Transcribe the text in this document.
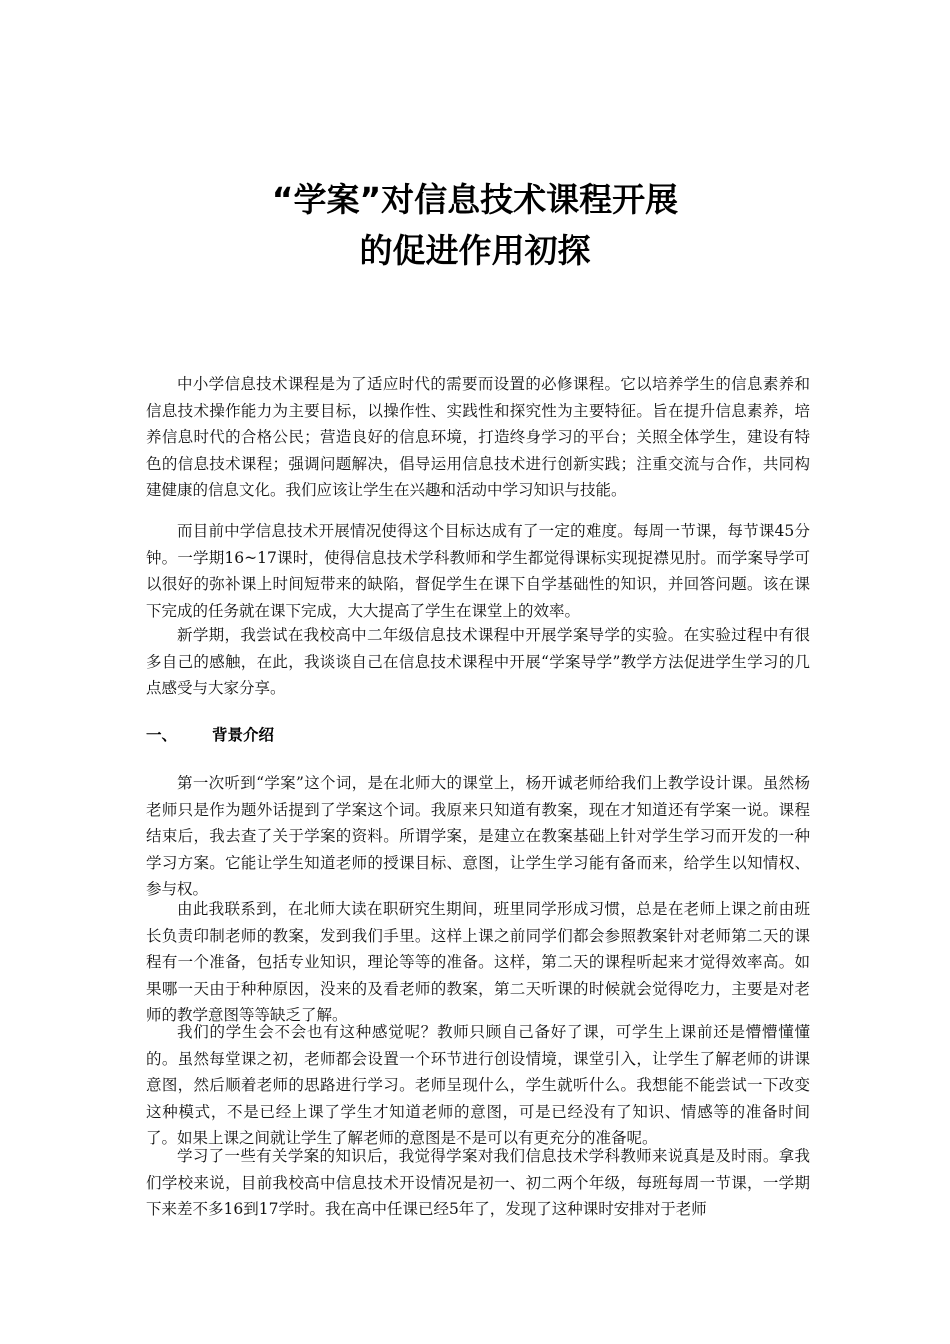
“学案”对信息技术课程开展
的促进作用初探

中小学信息技术课程是为了适应时代的需要而设置的必修课程。它以培养学生的信息素养和信息技术操作能力为主要目标，以操作性、实践性和探究性为主要特征。旨在提升信息素养，培养信息时代的合格公民；营造良好的信息环境，打造终身学习的平台；关照全体学生，建设有特色的信息技术课程；强调问题解决，倡导运用信息技术进行创新实践；注重交流与合作，共同构建健康的信息文化。我们应该让学生在兴趣和活动中学习知识与技能。

而目前中学信息技术开展情况使得这个目标达成有了一定的难度。每周一节课，每节课45分钟。一学期16~17课时，使得信息技术学科教师和学生都觉得课标实现捉襟见肘。而学案导学可以很好的弥补课上时间短带来的缺陷，督促学生在课下自学基础性的知识，并回答问题。该在课下完成的任务就在课下完成，大大提高了学生在课堂上的效率。

新学期，我尝试在我校高中二年级信息技术课程中开展学案导学的实验。在实验过程中有很多自己的感触，在此，我谈谈自己在信息技术课程中开展“学案导学”教学方法促进学生学习的几点感受与大家分享。

一、 背景介绍

第一次听到“学案”这个词，是在北师大的课堂上，杨开诚老师给我们上教学设计课。虽然杨老师只是作为题外话提到了学案这个词。我原来只知道有教案，现在才知道还有学案一说。课程结束后，我去查了关于学案的资料。所谓学案，是建立在教案基础上针对学生学习而开发的一种学习方案。它能让学生知道老师的授课目标、意图，让学生学习能有备而来，给学生以知情权、参与权。

由此我联系到，在北师大读在职研究生期间，班里同学形成习惯，总是在老师上课之前由班长负责印制老师的教案，发到我们手里。这样上课之前同学们都会参照教案针对老师第二天的课程有一个准备，包括专业知识，理论等等的准备。这样，第二天的课程听起来才觉得效率高。如果哪一天由于种种原因，没来的及看老师的教案，第二天听课的时候就会觉得吃力，主要是对老师的教学意图等等缺乏了解。

我们的学生会不会也有这种感觉呢？教师只顾自己备好了课，可学生上课前还是懵懵懂懂的。虽然每堂课之初，老师都会设置一个环节进行创设情境，课堂引入，让学生了解老师的讲课意图，然后顺着老师的思路进行学习。老师呈现什么，学生就听什么。我想能不能尝试一下改变这种模式，不是已经上课了学生才知道老师的意图，可是已经没有了知识、情感等的准备时间了。如果上课之间就让学生了解老师的意图是不是可以有更充分的准备呢。

学习了一些有关学案的知识后，我觉得学案对我们信息技术学科教师来说真是及时雨。拿我们学校来说，目前我校高中信息技术开设情况是初一、初二两个年级，每班每周一节课，一学期下来差不多16到17学时。我在高中任课已经5年了，发现了这种课时安排对于老师
